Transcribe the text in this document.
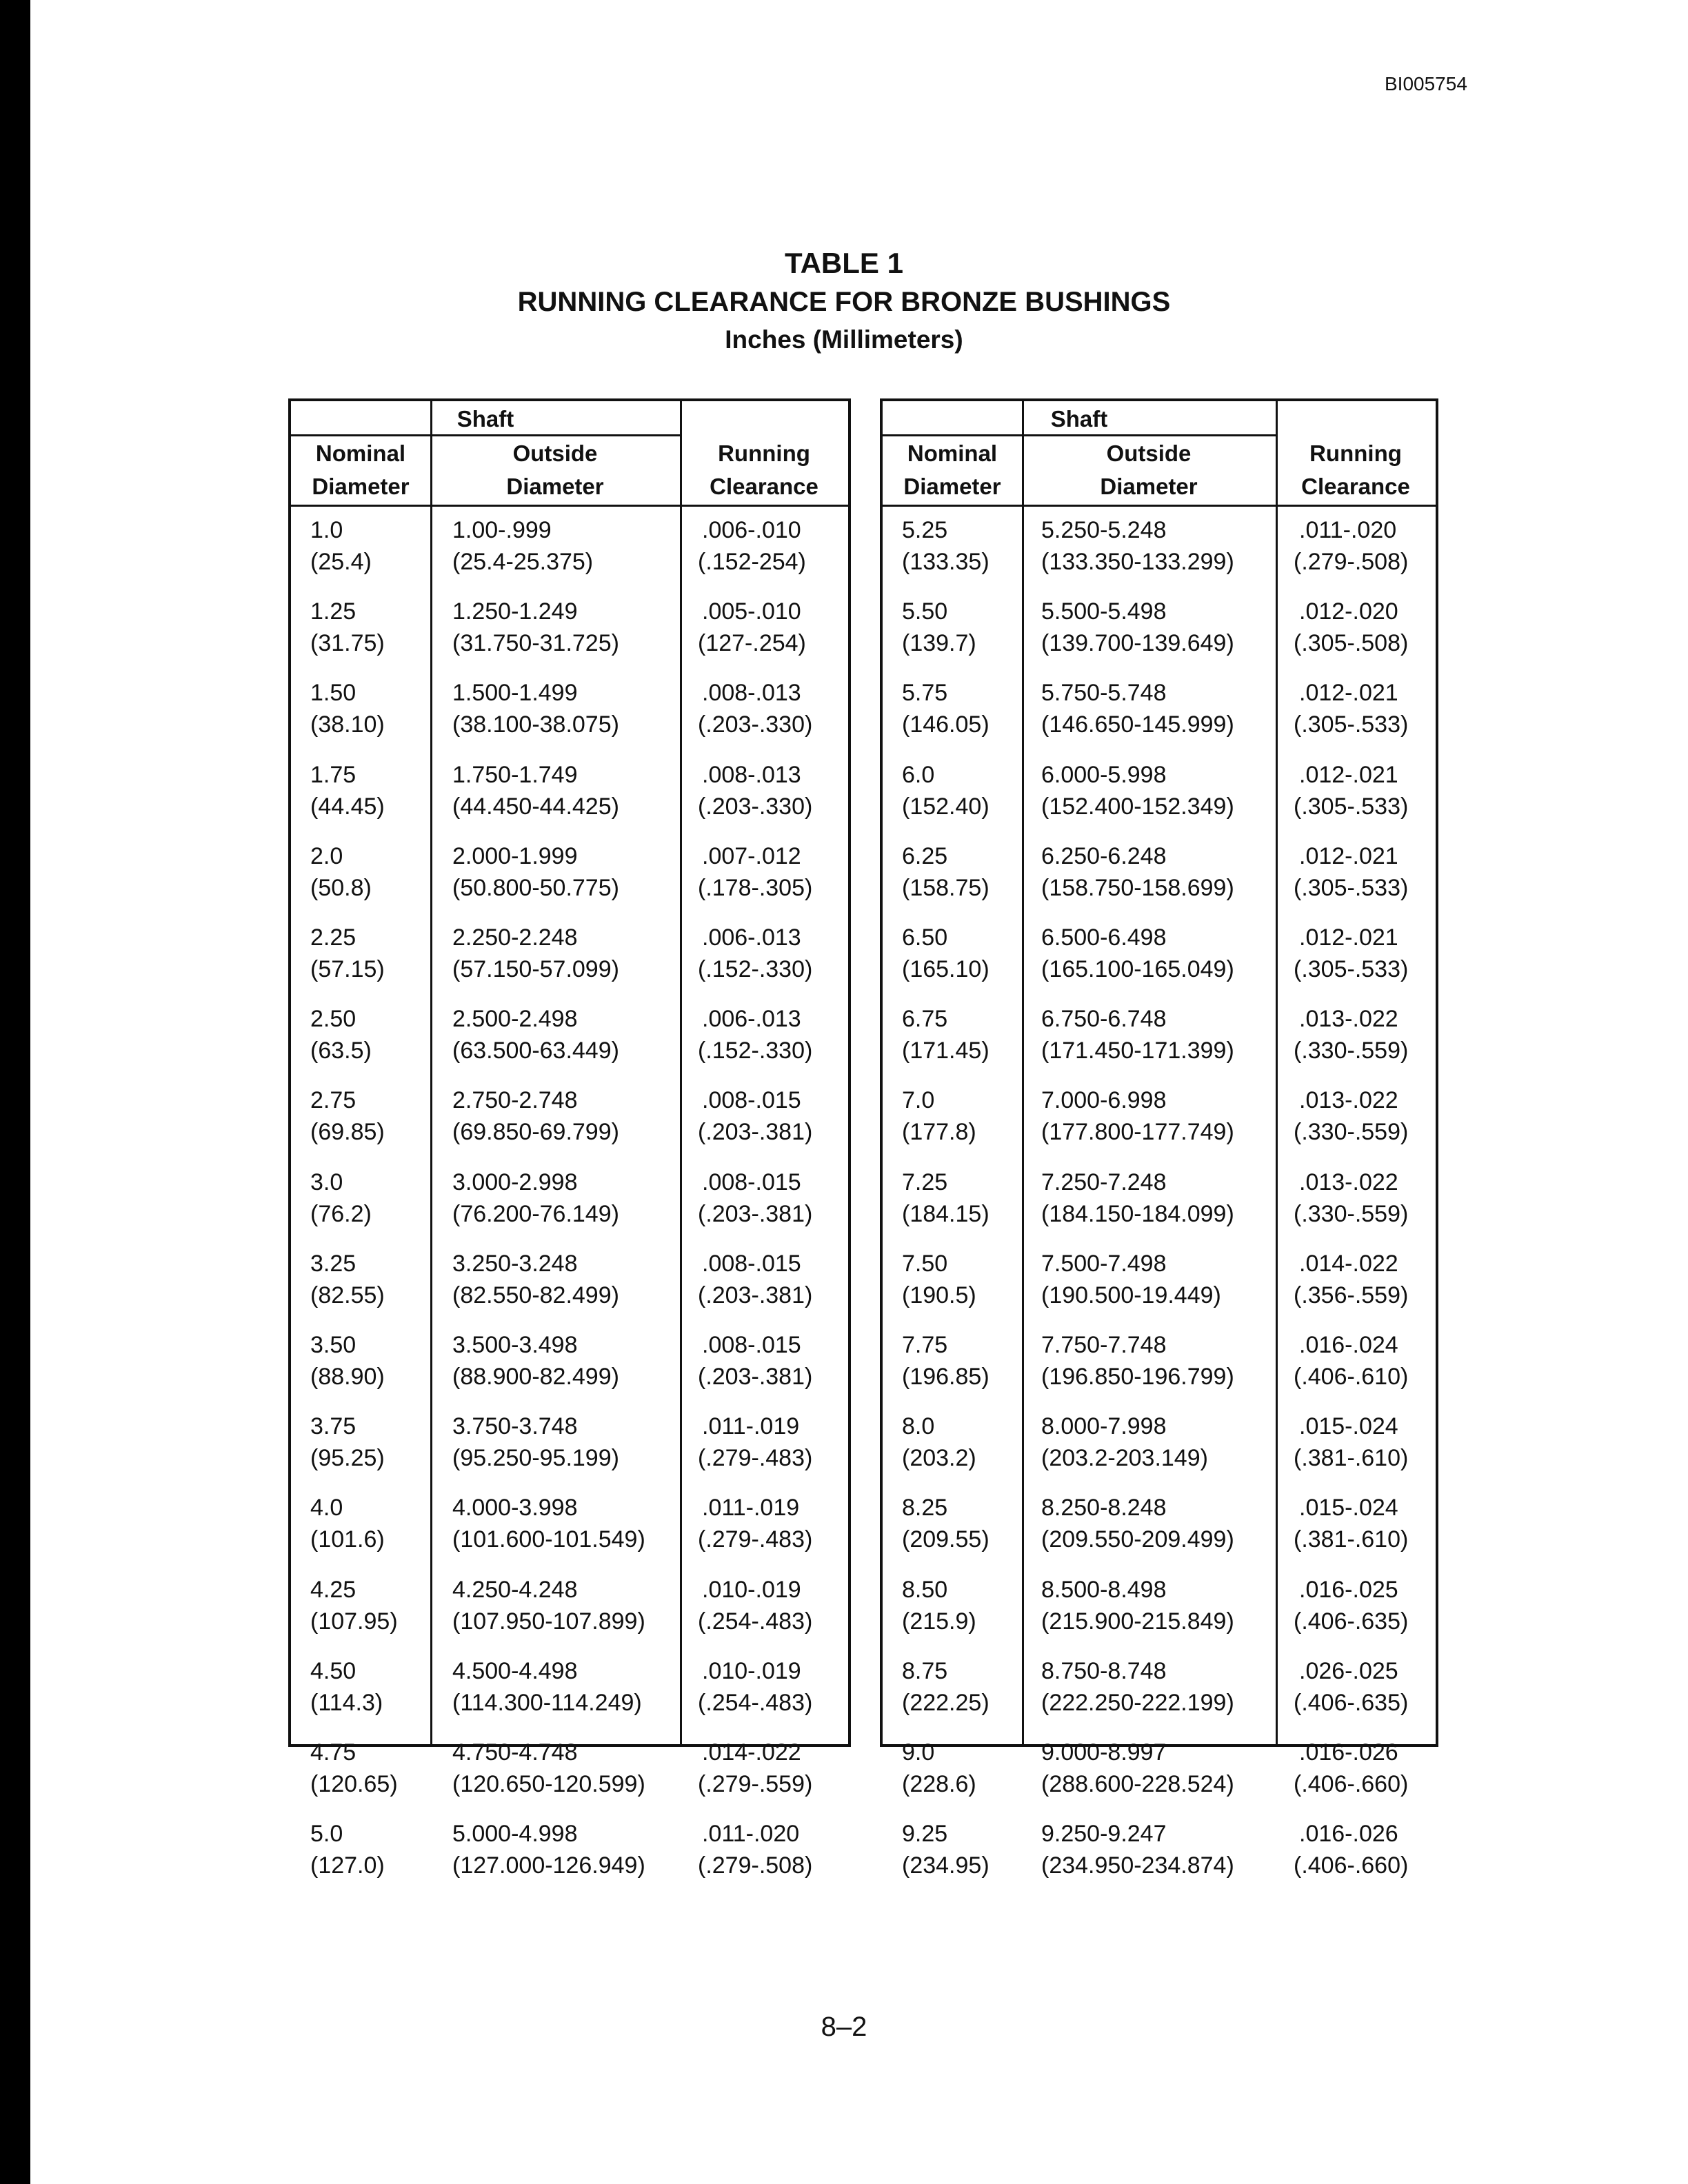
BI005754
TABLE 1
RUNNING CLEARANCE FOR BRONZE BUSHINGS
Inches (Millimeters)
Shaft
Nominal
Diameter
Outside
Diameter
Running
Clearance
1.0
(25.4)
1.00-.999
(25.4-25.375)
.006-.010
(.152-254)
1.25
(31.75)
1.250-1.249
(31.750-31.725)
.005-.010
(127-.254)
1.50
(38.10)
1.500-1.499
(38.100-38.075)
.008-.013
(.203-.330)
1.75
(44.45)
1.750-1.749
(44.450-44.425)
.008-.013
(.203-.330)
2.0
(50.8)
2.000-1.999
(50.800-50.775)
.007-.012
(.178-.305)
2.25
(57.15)
2.250-2.248
(57.150-57.099)
.006-.013
(.152-.330)
2.50
(63.5)
2.500-2.498
(63.500-63.449)
.006-.013
(.152-.330)
2.75
(69.85)
2.750-2.748
(69.850-69.799)
.008-.015
(.203-.381)
3.0
(76.2)
3.000-2.998
(76.200-76.149)
.008-.015
(.203-.381)
3.25
(82.55)
3.250-3.248
(82.550-82.499)
.008-.015
(.203-.381)
3.50
(88.90)
3.500-3.498
(88.900-82.499)
.008-.015
(.203-.381)
3.75
(95.25)
3.750-3.748
(95.250-95.199)
.011-.019
(.279-.483)
4.0
(101.6)
4.000-3.998
(101.600-101.549)
.011-.019
(.279-.483)
4.25
(107.95)
4.250-4.248
(107.950-107.899)
.010-.019
(.254-.483)
4.50
(114.3)
4.500-4.498
(114.300-114.249)
.010-.019
(.254-.483)
4.75
(120.65)
4.750-4.748
(120.650-120.599)
.014-.022
(.279-.559)
5.0
(127.0)
5.000-4.998
(127.000-126.949)
.011-.020
(.279-.508)
Shaft
Nominal
Diameter
Outside
Diameter
Running
Clearance
5.25
(133.35)
5.250-5.248
(133.350-133.299)
.011-.020
(.279-.508)
5.50
(139.7)
5.500-5.498
(139.700-139.649)
.012-.020
(.305-.508)
5.75
(146.05)
5.750-5.748
(146.650-145.999)
.012-.021
(.305-.533)
6.0
(152.40)
6.000-5.998
(152.400-152.349)
.012-.021
(.305-.533)
6.25
(158.75)
6.250-6.248
(158.750-158.699)
.012-.021
(.305-.533)
6.50
(165.10)
6.500-6.498
(165.100-165.049)
.012-.021
(.305-.533)
6.75
(171.45)
6.750-6.748
(171.450-171.399)
.013-.022
(.330-.559)
7.0
(177.8)
7.000-6.998
(177.800-177.749)
.013-.022
(.330-.559)
7.25
(184.15)
7.250-7.248
(184.150-184.099)
.013-.022
(.330-.559)
7.50
(190.5)
7.500-7.498
(190.500-19.449)
.014-.022
(.356-.559)
7.75
(196.85)
7.750-7.748
(196.850-196.799)
.016-.024
(.406-.610)
8.0
(203.2)
8.000-7.998
(203.2-203.149)
.015-.024
(.381-.610)
8.25
(209.55)
8.250-8.248
(209.550-209.499)
.015-.024
(.381-.610)
8.50
(215.9)
8.500-8.498
(215.900-215.849)
.016-.025
(.406-.635)
8.75
(222.25)
8.750-8.748
(222.250-222.199)
.026-.025
(.406-.635)
9.0
(228.6)
9.000-8.997
(288.600-228.524)
.016-.026
(.406-.660)
9.25
(234.95)
9.250-9.247
(234.950-234.874)
.016-.026
(.406-.660)
8–2
